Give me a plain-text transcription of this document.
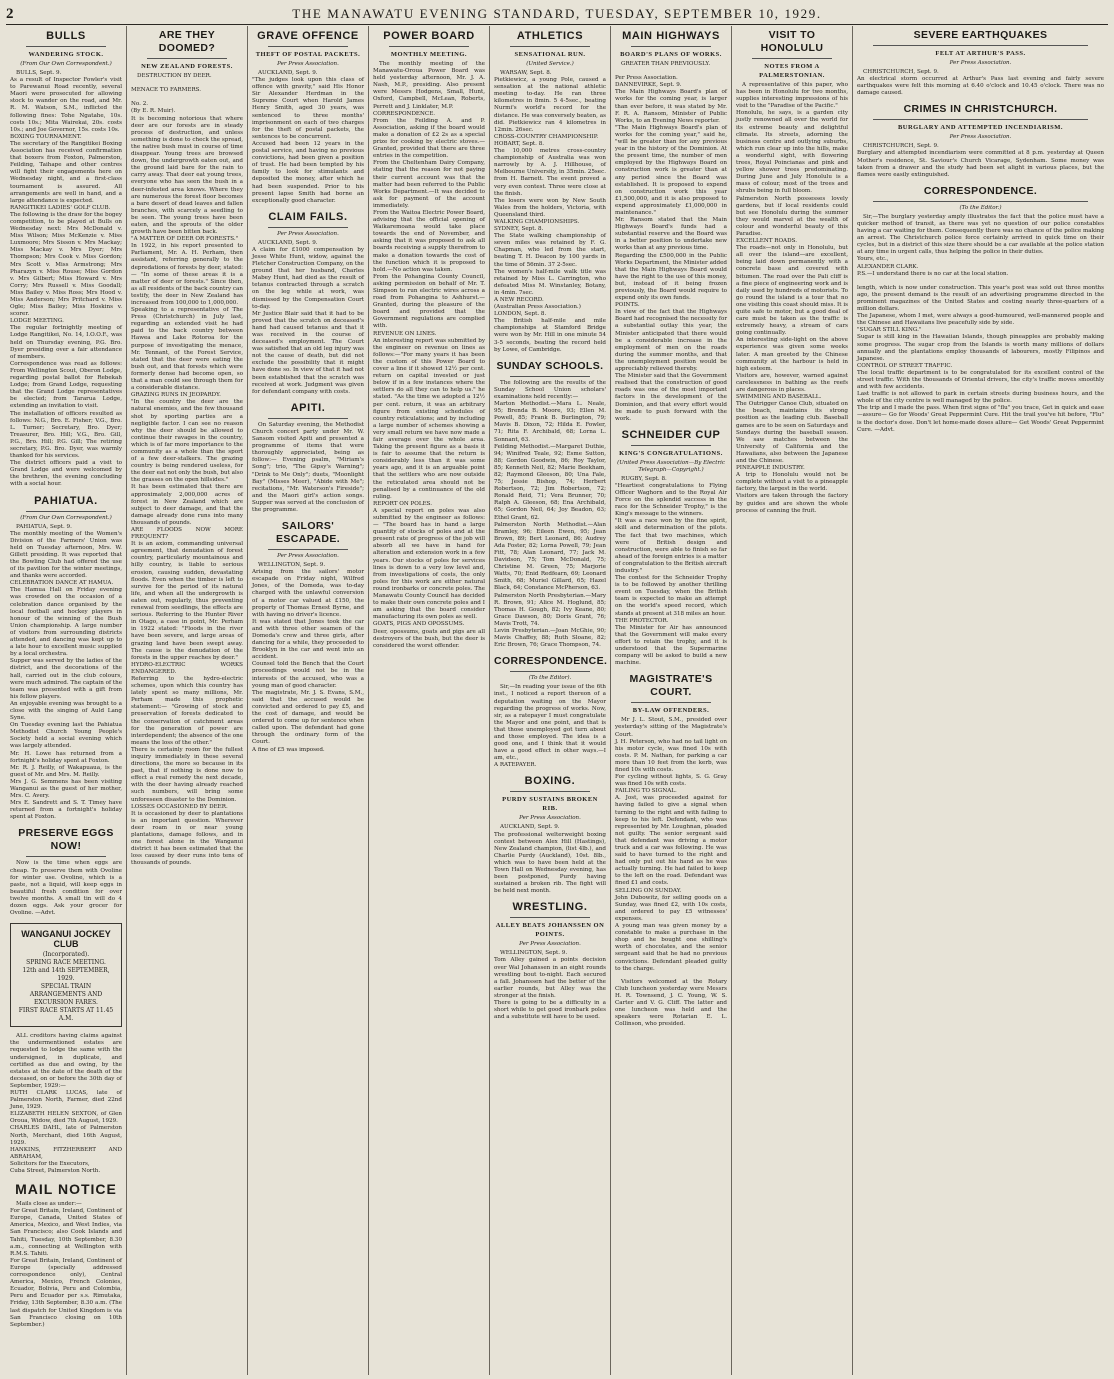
2	THE MANAWATU EVENING STANDARD, TUESDAY, SEPTEMBER 10, 1929.
BULLS
WANDERING STOCK.
(From Our Own Correspondent.)

BULLS, Sept. 9.
As a result of Inspector Fowler's visit to Parewanui Road recently, several Maori were prosecuted for allowing stock to wander on the road, and Mr. R. M. Watson, S.M., inflicted the following fines: Tohe Ngatahe, 10s. costs 10s.; Mita Wairekai, 20s. costs 10s.; and Joe Governor, 15s. costs 10s.
BOXING TOURNAMENT.
The secretary of the Rangitikei Boxing Association has received confirmation that boxers from Foxton, Palmerston, Feilding, Taihape and other centres will fight their engagements here on Wednesday night, and a first-class tournament is assured. All arrangements are well in hand, and a large attendance is expected.
RANGITIKEI LADIES' GOLF CLUB.
The following is the draw for the bogey competition, to be played at Bulls on Wednesday next: Mrs McDonald v. Miss Wilson; Miss McKenzie v. Miss Luxmoore; Mrs Sisson v. Mrs Mackay; Miss Mackay v. Mrs Dyer; Mrs Thompson; Mrs Cook v. Miss Gordon; Mrs Scott v. Miss Armstrong; Mrs Pharazyn v. Miss Rouse; Miss Gordon v. Mrs Gilbert; Miss Howard v. Mrs Corry; Mrs Russell v. Miss Goodall; Miss Bailey v. Miss Ross; Mrs Hood v. Miss Anderson; Mrs Pritchard v. Miss Ogle; Miss Bailey; Miss Hoskins v. scorer.
LODGE MEETING.
The regular fortnightly meeting of Lodge Rangitikei, No. 14, I.O.O.F., was held on Thursday evening, P.G. Bro. Dyer presiding over a fair attendance of members.
Correspondence was read as follows: From Wellington Scout, Oberon Lodge, regarding postal ballot for Rebekah Lodge; from Grand Lodge, requesting that the Grand Lodge representatives be elected; from Tararua Lodge, extending an invitation to visit.
The installation of officers resulted as follows: N.G., Bro. E. Fisher; V.G., Bro. L. Turner; Secretary, Bro. Dyer; Treasurer, Bro. Hill; V.G., Bro. Gill, P.G., Bro. Hill; P.G. Gill; The retiring secretary, P.G. Bro. Dyer, was warmly thanked for his services.
The district officers paid a visit to Grand Lodge and were welcomed by the brethren, the evening concluding with a social hour.

PAHIATUA.
(From Our Own Correspondent.)

PAHIATUA, Sept. 9.
The monthly meeting of the Women's Division of the Farmers' Union was held on Tuesday afternoon, Mrs. W. Gillett presiding. It was reported that the Bowling Club had offered the use of its pavilion for the winter meetings, and thanks were accorded.
CELEBRATION DANCE AT HAMUA.
The Hamua Hall on Friday evening was crowded on the occasion of a celebration dance organised by the local football and hockey players in honour of the winning of the Bush Union championship. A large number of visitors from surrounding districts attended, and dancing was kept up to a late hour to excellent music supplied by a local orchestra.
Supper was served by the ladies of the district, and the decorations of the hall, carried out in the club colours, were much admired. The captain of the team was presented with a gift from his fellow players.
An enjoyable evening was brought to a close with the singing of Auld Lang Syne.
On Tuesday evening last the Pahiatua Methodist Church Young People's Society held a social evening which was largely attended.
Mr. H. Lowe has returned from a fortnight's holiday spent at Foxton.
Mr. R. J. Reilly, of Wakapuaua, is the guest of Mr. and Mrs. M. Reilly.
Mrs J. G. Semmens has been visiting Wanganui as the guest of her mother, Mrs. C. Avery.
Mrs E. Sandrett and S. T. Timey have returned from a fortnight's holiday spent at Foxton.

PRESERVE EGGS NOW!

Now is the time when eggs are cheap. To preserve them with Ovoline for winter use. Ovoline, which is a paste, not a liquid, will keep eggs in beautiful fresh condition for over twelve months. A small tin will do 4 dozen eggs. Ask your grocer for Ovoline. —Advt.

WANGANUI JOCKEY CLUB
(Incorporated).
SPRING RACE MEETING.
12th and 14th SEPTEMBER, 1929.
SPECIAL TRAIN ARRANGEMENTS AND EXCURSION FARES.
FIRST RACE STARTS AT 11.45 A.M.

ALL creditors having claims against the undermentioned estates are requested to lodge the same with the undersigned, in duplicate, and certified as due and owing, by the estates at the date of the death of the deceased, on or before the 30th day of September, 1929:—
RUTH CLARK LUCAS, late of Palmerston North, Farmer, died 22nd June, 1929.
ELIZABETH HELEN SEXTON, of Glen Oroua, Widow, died 7th August, 1929.
CHARLES DAHL, late of Palmerston North, Merchant, died 16th August, 1929.
HANKINS, FITZHERBERT AND ABRAHAM,
Solicitors for the Executors,
Cuba Street, Palmerston North.

MAIL NOTICE

Mails close as under:—
For Great Britain, Ireland, Continent of Europe, Canada, United States of America, Mexico, and West Indies, via San Francisco; also Cook Islands and Tahiti, Tuesday, 10th September, 8.30 a.m., connecting at Wellington with R.M.S. Tahiti.
For Great Britain, Ireland, Continent of Europe (specially addressed correspondence only), Central America, Mexico, French Colonies, Ecuador, Bolivia, Peru and Colombia, Peru and Ecuador per s.s. Rimutaka, Friday, 13th September, 8.30 a.m. (The last dispatch for United Kingdom is via San Francisco closing on 10th September.)

ARE THEY DOOMED?
NEW ZEALAND FORESTS.

DESTRUCTION BY DEER.

MENACE TO FARMERS.

No. 2.
(By E. R. Muir).
It is becoming notorious that where deer are our forests are in steady process of destruction, and unless something is done to check the spread, the native bush must in course of time disappear. Young trees are browsed down, the undergrowth eaten out, and the ground laid bare for the rain to carry away. That deer eat young trees, everyone who has seen the bush in a deer-infested area knows. Where they are numerous the forest floor becomes a bare desert of dead leaves and fallen branches, with scarcely a seedling to be seen. The young trees have been eaten, and the sprouts of the older growth have been bitten back.
"A MATTER OF DEER OR FORESTS."
In 1922, in his report presented to Parliament, Mr. A. H. Perham, then assistant, referring generally to the depredations of forests by deer, stated:— "In some of these areas it is a matter of deer or forests." Since then, as all residents of the back country can testify, the deer in New Zealand has increased from 100,000 to 1,000,000.
Speaking to a representative of The Press (Christchurch) in July last, regarding an extended visit he had paid to the back country between Hawea and Lake Rotoroa for the purpose of investigating the menace, Mr. Tennant, of the Forest Service, stated that the deer were eating the bush out, and that forests which were formerly dense had become open, so that a man could see through them for a considerable distance.
GRAZING RUNS IN JEOPARDY.
"In the country the deer are the natural enemies, and the few thousand shot by sporting parties are a negligible factor. I can see no reason why the deer should be allowed to continue their ravages in the country, which is of far more importance to the community as a whole than the sport of a few deer-stalkers. The grazing country is being rendered useless, for the deer eat not only the bush, but also the grasses on the open hillsides."
It has been estimated that there are approximately 2,000,000 acres of forest in New Zealand which are subject to deer damage, and that the damage already done runs into many thousands of pounds.
ARE FLOODS NOW MORE FREQUENT?
It is an axiom, commanding universal agreement, that denudation of forest country, particularly mountainous and hilly country, is liable to serious erosion, causing sudden, devastating floods. Even when the timber is left to survive for the period of its natural life, and when all the undergrowth is eaten out, regularly, thus preventing renewal from seedlings, the effects are serious. Referring to the Hunter River in Otago, a case in point, Mr. Perham in 1922 stated: "Floods in the river have been severe, and large areas of grazing land have been swept away. The cause is the denudation of the forests in the upper reaches by deer."
HYDRO-ELECTRIC WORKS ENDANGERED.
Referring to the hydro-electric schemes, upon which this country has lately spent so many millions, Mr. Perham made this prophetic statement:— "Growing of stock and preservation of forests dedicated to the conservation of catchment areas for the generation of power are interdependent; the absence of the one means the loss of the other."
There is certainly room for the fullest inquiry immediately in these several directions, the more so because in its past, that if nothing is done now to effect a real remedy the next decade, with the deer having already reached such numbers, will bring some unforeseen disaster to the Dominion.
LOSSES OCCASIONED BY DEER.
It is occasioned by deer to plantations is an important question. Wherever deer roam in or near young plantations, damage follows, and in one forest alone in the Wanganui district it has been estimated that the loss caused by deer runs into tens of thousands of pounds.

GRAVE OFFENCE
THEFT OF POSTAL PACKETS.
Per Press Association.

AUCKLAND, Sept. 9.
"The judges look upon this class of offence with gravity," said His Honor Sir Alexander Herdman in the Supreme Court when Harold James Henry Smith, aged 30 years, was sentenced to three months' imprisonment on each of two charges for the theft of postal packets, the sentences to be concurrent.
Accused had been 12 years in the postal service, and having no previous convictions, had been given a position of trust. He had been tempted by his family to look for stimulants and deposited the money, after which he had been suspended. Prior to his present lapse Smith had borne an exceptionally good character.

CLAIM FAILS.
Per Press Association.

AUCKLAND, Sept. 9.
A claim for £1000 compensation by Jesse White Hunt, widow, against the Fletcher Construction Company, on the ground that her husband, Charles Mabey Hunt, had died as the result of tetanus contracted through a scratch on the leg while at work, was dismissed by the Compensation Court to-day.
Mr Justice Blair said that it had to be proved that the scratch on deceased's hand had caused tetanus and that it was received in the course of deceased's employment. The Court was satisfied that an old leg injury was not the cause of death, but did not exclude the possibility that it might have done so. In view of that it had not been established that the scratch was received at work. Judgment was given for defendant company with costs.

APITI.

On Saturday evening, the Methodist Church concert party under Mr. W. Sansom visited Apiti and presented a programme of items that were thoroughly appreciated, being as follow:— Evening psalm, "Miriam's Song"; trio, "The Gipsy's Warning"; "Drink to Me Only"; duets, "Moonlight Bay" (Misses Meer), "Abide with Me"; recitations, "Mr. Waterson's Fireside"; and the Maori girl's action songs. Supper was served at the conclusion of the programme.

SAILORS' ESCAPADE.
Per Press Association.

WELLINGTON, Sept. 9.
Arising from the sailors' motor escapade on Friday night, Wilfred Jones, of the Domeda, was to-day charged with the unlawful conversion of a motor car valued at £150, the property of Thomas Ernest Byrne, and with having no driver's licence.
It was stated that Jones took the car and with three other seamen of the Domeda's crew and three girls, after dancing for a while, they proceeded to Brooklyn in the car and went into an accident.
Counsel told the Bench that the Court proceedings would not be in the interests of the accused, who was a young man of good character.
The magistrate, Mr. J. S. Evans, S.M., said that the accused would be convicted and ordered to pay £5, and the cost of damage, and would be ordered to come up for sentence when called upon. The defendant had gone through the ordinary form of the Court.
A fine of £5 was imposed.

POWER BOARD
MONTHLY MEETING.

The monthly meeting of the Manawatu-Oroua Power Board was held yesterday afternoon, Mr. J. A. Nash, M.P., presiding. Also present were Messrs Hodgens, Small, Hunt, Oxford, Campbell, McLean, Roberts, Perrett and J. Linklater, M.P.
CORRESPONDENCE.
From the Feilding A. and P. Association, asking if the board would make a donation of £2 2s as a special prize for cooking by electric stoves.— Granted, provided that there are three entries in the competition.
From the Cheltenham Dairy Company, stating that the reason for not paying their current account was that the matter had been referred to the Public Works Department.—It was decided to ask for payment of the account immediately.
From the Waitoa Electric Power Board, advising that the official opening of Waikaremoana would take place towards the end of November, and asking that it was proposed to ask all boards receiving a supply therefrom to make a donation towards the cost of the function which it is proposed to hold.—No action was taken.
From the Pohangina County Council, asking permission on behalf of Mr. T. Simpson to run electric wires across a road from Pohangina to Ashhurst.—Granted, during the pleasure of the board and provided that the Government regulations are complied with.
REVENUE ON LINES.
An interesting report was submitted by the engineer on revenue on lines as follows:—"For many years it has been the custom of this Power Board to cover a line if it showed 12½ per cent. return on capital invested or just below if in a few instances where the settlers do all they can to help us." he stated. "As the time we adopted a 12½ per cent. return, it was an arbitrary figure from existing schedules of country reticulations; and by including a large number of schemes showing a very small return we have now made a fair average over the whole area. Taking the present figure as a basis it is fair to assume that the return is considerably less than it was some years ago, and it is an arguable point that the settlers who are now outside the reticulated area should not be penalised by a continuance of the old ruling.
REPORT ON POLES.
A special report on poles was also submitted by the engineer as follows:— "The board has in hand a large quantity of stocks of poles and at the present rate of progress of the job will absorb all we have in hand for alteration and extension work in a few years. Our stocks of poles for services lines is down to a very low level and, from investigations of costs, the only poles for this work are either natural round ironbarks or concrete poles. The Manawatu County Council has decided to make their own concrete poles and I am asking that the board consider manufacturing its own poles as well.
GOATS, PIGS AND OPOSSUMS.
Deer, opossums, goats and pigs are all destroyers of the bush, but the deer is considered the worst offender.

ATHLETICS
SENSATIONAL RUN.
(United Service.)

WARSAW, Sept. 8.
Pietkiewicz, a young Pole, caused a sensation at the national athletic meeting to-day. He ran three kilometres in 8min. 5 4-5sec., beating Nurmi's world's record for the distance. He was conversely beaten, as did. Pietkiewicz ran 4 kilometres in 12min. 26sec.
CROSS-COUNTRY CHAMPIONSHIP.
HOBART, Sept. 8.
The 10,000 metres cross-country championship of Australia was won narrowly by A. J. Hillhouse, of Melbourne University, in 35min. 25sec. from H. Barnett. The event proved a very even contest. Three were close at the finish.
The losers were won by New South Wales from the holders, Victoria, with Queensland third.
WALKING CHAMPIONSHIPS.
SYDNEY, Sept. 8.
The State walking championship of seven miles was retained by F. G. Chapman, who led from the start, beating T. H. Deacon by 100 yards in the time of 56min. 37 2-5sec.
The women's half-mile walk title was retained by Miss L. Carrington, who defeated Miss M. Winstanley, Botany, in 4min. 7sec.
A NEW RECORD.
(Australian Press Association.)
LONDON, Sept. 8.
The British half-mile and mile championships at Stamford Bridge were won by Mr. Hill in one minute 54 3-5 seconds, beating the record held by Lowe, of Cambridge.

SUNDAY SCHOOLS.

The following are the results of the Sunday School Union scholars' examinations held recently:—
Marton Methodist.—Mara L. Neale, 95; Brenda B. Moore, 93; Ellen M. Powell, 85; Frank B. Burlington, 79; Mavis B. Dixon, 72; Hilda E. Fowler, 71; Rita F. Archibald, 68; Lorna L. Sonnant, 63.
Feilding Methodist.—Margaret Duthie, 94; Winifred Teale, 92; Esme Sutton, 88; Gordon Goodwin, 86; Roy Taylor, 85; Kenneth Neil, 82; Marie Beekham, 82; Raymond Gleeson, 80; Una Fale, 75; Jessie Bishop, 74; Herbert Robertson, 72; Jim Robertson, 72; Ronald Reid, 71; Vera Brunner, 70; Ralph A. Gleeson, 68; Ena Archibald, 65; Gordon Neil, 64; Joy Beadon, 63; Ethel Grant, 62.
Palmerston North Methodist.—Alan Bramley, 96; Eileen Ewen, 95; Jean Brown, 89; Bert Leonard, 86; Audrey Ada Foster, 82; Lorna Powell, 79; Jean Fitt, 78; Alan Leonard, 77; Jack M. Davidson, 75; Tom McDonald, 75; Christine M. Green, 75; Marjorie Watts, 70; Enid Redfearn, 69; Leonard Smith, 68; Muriel Gillard, 65; Hazel Black, 64; Constance McPherson, 63.
Palmerston North Presbyterian.—Mary R. Brown, 91; Alice M. Hoglund, 85; Thomas H. Gough, 82; Ivy Keane, 80; Grace Dawson, 80; Doris Grant, 76; Mavis Trott, 74.
Levin Presbyterian.—Joan McGhie, 90; Mavis Chaffey, 88; Ruth Sloane, 82; Eric Brown, 76; Grace Thompson, 74.

CORRESPONDENCE.
(To the Editor).

Sir,—In reading your issue of the 6th inst., I noticed a report thereon of a deputation waiting on the Mayor regarding the progress of works. Now, sir, as a ratepayer I must congratulate the Mayor and one point, and that is that those unemployed got turn about and those employed. The idea is a good one, and I think that it would have a good effect in other ways.—I am, etc.,
A RATEPAYER.

BOXING.
PURDY SUSTAINS BROKEN RIB.
Per Press Association.

AUCKLAND, Sept. 9.
The professional welterweight boxing contest between Alex Hill (Hastings), New Zealand champion, (list 4lb.), and Charlie Purdy (Auckland), 10st. 8lb., which was to have been held at the Town Hall on Wednesday evening, has been postponed, Purdy having sustained a broken rib. The fight will be held next month.

WRESTLING.
ALLEY BEATS JOHANSSEN ON POINTS.
Per Press Association.

WELLINGTON, Sept. 9.
Tom Alley gained a points decision over Wal Johanssen in an eight rounds wrestling bout to-night. Each secured a fall. Johanssen had the better of the earlier rounds, but Alley was the stronger at the finish.
There is going to be a difficulty in a short while to get good ironbark poles and a substitute will have to be used.

MAIN HIGHWAYS
BOARD'S PLANS OF WORKS.

GREATER THAN PREVIOUSLY.

Per Press Association.
DANNEVIRKE, Sept. 9.
The Main Highways Board's plan of works for the coming year, is larger than ever before, it was stated by Mr. F. R. A. Ransom, Minister of Public Works, to an Evening News reporter.
"The Main Highways Board's plan of works for the coming year," said he, "will be greater than for any previous year in the history of the Dominion. At the present time, the number of men employed by the Highways Board on construction work is greater than at any period since the Board was established. It is proposed to expend on construction work this year £1,500,000, and it is also proposed to expend approximately £1,000,000 in maintenance."
Mr. Ransom stated that the Main Highways Board's funds had a substantial reserve and the Board was in a better position to undertake new works than at any previous time.
Regarding the £500,000 in the Public Works Department, the Minister added that the Main Highways Board would have the right to the use of this money, but, instead of it being frozen previously, the Board would require to expend only its own funds.
POINTS.
In view of the fact that the Highways Board had recognised the necessity for a substantial outlay this year, the Minister anticipated that there would be a considerable increase in the employment of men on the roads during the summer months, and that the unemployment position would be appreciably relieved thereby.
The Minister said that the Government realised that the construction of good roads was one of the most important factors in the development of the Dominion, and that every effort would be made to push forward with the work.

SCHNEIDER CUP
KING'S CONGRATULATIONS.
(United Press Association—By Electric Telegraph—Copyright.)

RUGBY, Sept. 8.
"Heartiest congratulations to Flying Officer Waghorn and to the Royal Air Force on the splendid success in the race for the Schneider Trophy," is the King's message to the winners.
"It was a race won by the fine spirit, skill and determination of the pilots. The fact that two machines, which were of British design and construction, were able to finish so far ahead of the foreign entries is a matter of congratulation to the British aircraft industry."
The contest for the Schneider Trophy is to be followed by another thrilling event on Tuesday, when the British team is expected to make an attempt on the world's speed record, which stands at present at 318 miles an hour.
THE PROTECTOR.
The Minister for Air has announced that the Government will make every effort to retain the trophy, and it is understood that the Supermarine company will be asked to build a new machine.

MAGISTRATE'S COURT.
BY-LAW OFFENDERS.

Mr J. L. Stout, S.M., presided over yesterday's sitting of the Magistrate's Court.
J. H. Peterson, who had no tail light on his motor cycle, was fined 10s with costs. P. M. Nathan, for parking a car more than 10 feet from the kerb, was fined 10s with costs.
For cycling without lights, S. G. Gray was fined 10s with costs.
FAILING TO SIGNAL.
A. Jost, was proceeded against for having failed to give a signal when turning to the right and with failing to keep to his left. Defendant, who was represented by Mr. Loughnan, pleaded not guilty. The senior sergeant said that defendant was driving a motor truck and a car was following. He was said to have turned to the right and had only put out his hand as he was actually turning. He had failed to keep to the left on the road. Defendant was fined £1 and costs.
SELLING ON SUNDAY.
John Dubowitz, for selling goods on a Sunday, was fined £2, with 10s costs, and ordered to pay £5 witnesses' expenses.
A young man was given money by a constable to make a purchase in the shop and he bought one shilling's worth of chocolates, and the senior sergeant said that he had no previous convictions. Defendant pleaded guilty to the charge.

Visitors welcomed at the Rotary Club luncheon yesterday were Messrs H. R. Townsend, J. C. Young, W. S. Carter and V. G. Cliff. The latter and one luncheon was held and the speakers were Rotarian E. L. Collinson, who presided.

VISIT TO HONOLULU
NOTES FROM A PALMERSTONIAN.

A representative of this paper, who has been in Honolulu for two months, supplies interesting impressions of his visit to the "Paradise of the Pacific."
Honolulu, he says, is a garden city justly renowned all over the world for its extreme beauty and delightful climate. Its streets, adorning the business centre and outlying suburbs, which run clear up into the hills, make a wonderful sight, with flowering trees, Royal Poincianas and pink and yellow shower trees predominating. During June and July Honolulu is a mass of colour, most of the trees and shrubs being in full bloom.
Palmerston North possesses lovely gardens, but if local residents could but see Honolulu during the summer they would marvel at the wealth of colour and wonderful beauty of this Paradise.
EXCELLENT ROADS.
The roads—not only in Honolulu, but all over the island—are excellent, being laid down permanently with a concrete base and covered with bitumen. The road over the Pali cliff is a fine piece of engineering work and is daily used by hundreds of motorists. To go round the island is a tour that no one visiting this coast should miss. It is quite safe to motor, but a good deal of care must be taken as the traffic is extremely heavy, a stream of cars going continually.
An interesting side-light on the above experience was given some weeks later. A man greeted by the Chinese community at the harbour is held in high esteem.
Visitors are, however, warned against carelessness in bathing as the reefs are dangerous in places.
SWIMMING AND BASEBALL.
The Outrigger Canoe Club, situated on the beach, maintains its strong position as the leading club. Baseball games are to be seen on Saturdays and Sundays during the baseball season. We saw matches between the University of California and the Hawaiians, also between the Japanese and the Chinese.
PINEAPPLE INDUSTRY.
A trip to Honolulu would not be complete without a visit to a pineapple factory, the largest in the world.
Visitors are taken through the factory by guides and are shown the whole process of canning the fruit.

SEVERE EARTHQUAKES
FELT AT ARTHUR'S PASS.
Per Press Association.

CHRISTCHURCH, Sept. 9.
An electrical storm occurred at Arthur's Pass last evening and fairly severe earthquakes were felt this morning at 6.40 o'clock and 10.45 o'clock. There was no damage caused.

CRIMES IN CHRISTCHURCH.
BURGLARY AND ATTEMPTED INCENDIARISM.
Per Press Association.

CHRISTCHURCH, Sept. 9.
Burglary and attempted incendiarism were committed at 8 p.m. yesterday at Queen Mother's residence, St. Saviour's Church Vicarage, Sydenham. Some money was taken from a drawer and the study had been set alight in various places, but the flames were easily extinguished.

CORRESPONDENCE.
(To the Editor.)

Sir,—The burglary yesterday amply illustrates the fact that the police must have a quicker method of transit, as there was yet no question of our police constables having a car waiting for them. Consequently there was no chance of the police making an arrest. The Christchurch police force certainly arrived in quick time on their cycles, but in a district of this size there should be a car available at the police station at any time in urgent calls, thus helping the police in their duties.
Yours, etc.,
ALEXANDER CLARK.
P.S.—I understand there is no car at the local station.

length, which is now under construction. This year's post was sold out three months ago, the present demand is the result of an advertising programme directed in the prominent magazines of the United States and costing nearly three-quarters of a million dollars.
The Japanese, whom I met, were always a good-humoured, well-mannered people and the Chinese and Hawaiians live peacefully side by side.
"SUGAR STILL KING."
Sugar is still king in the Hawaiian Islands, though pineapples are probably making some progress. The sugar crop from the Islands is worth many millions of dollars annually and the plantations employ thousands of labourers, mostly Filipinos and Japanese.
CONTROL OF STREET TRAFFIC.
The local traffic department is to be congratulated for its excellent control of the street traffic. With the thousands of Oriental drivers, the city's traffic moves smoothly and with few accidents.
Last traffic is not allowed to park in certain streets during business hours, and the whole of the city centre is well managed by the police.
The trip and I made the pass. When first signs of "flu" you trace, Get in quick and ease—assure— Go for Woods' Great Peppermint Cure. Hit the trail you've hit before, "Flu" is the doctor's dose. Don't let home-made doses allure— Get Woods' Great Peppermint Cure. —Advt.
